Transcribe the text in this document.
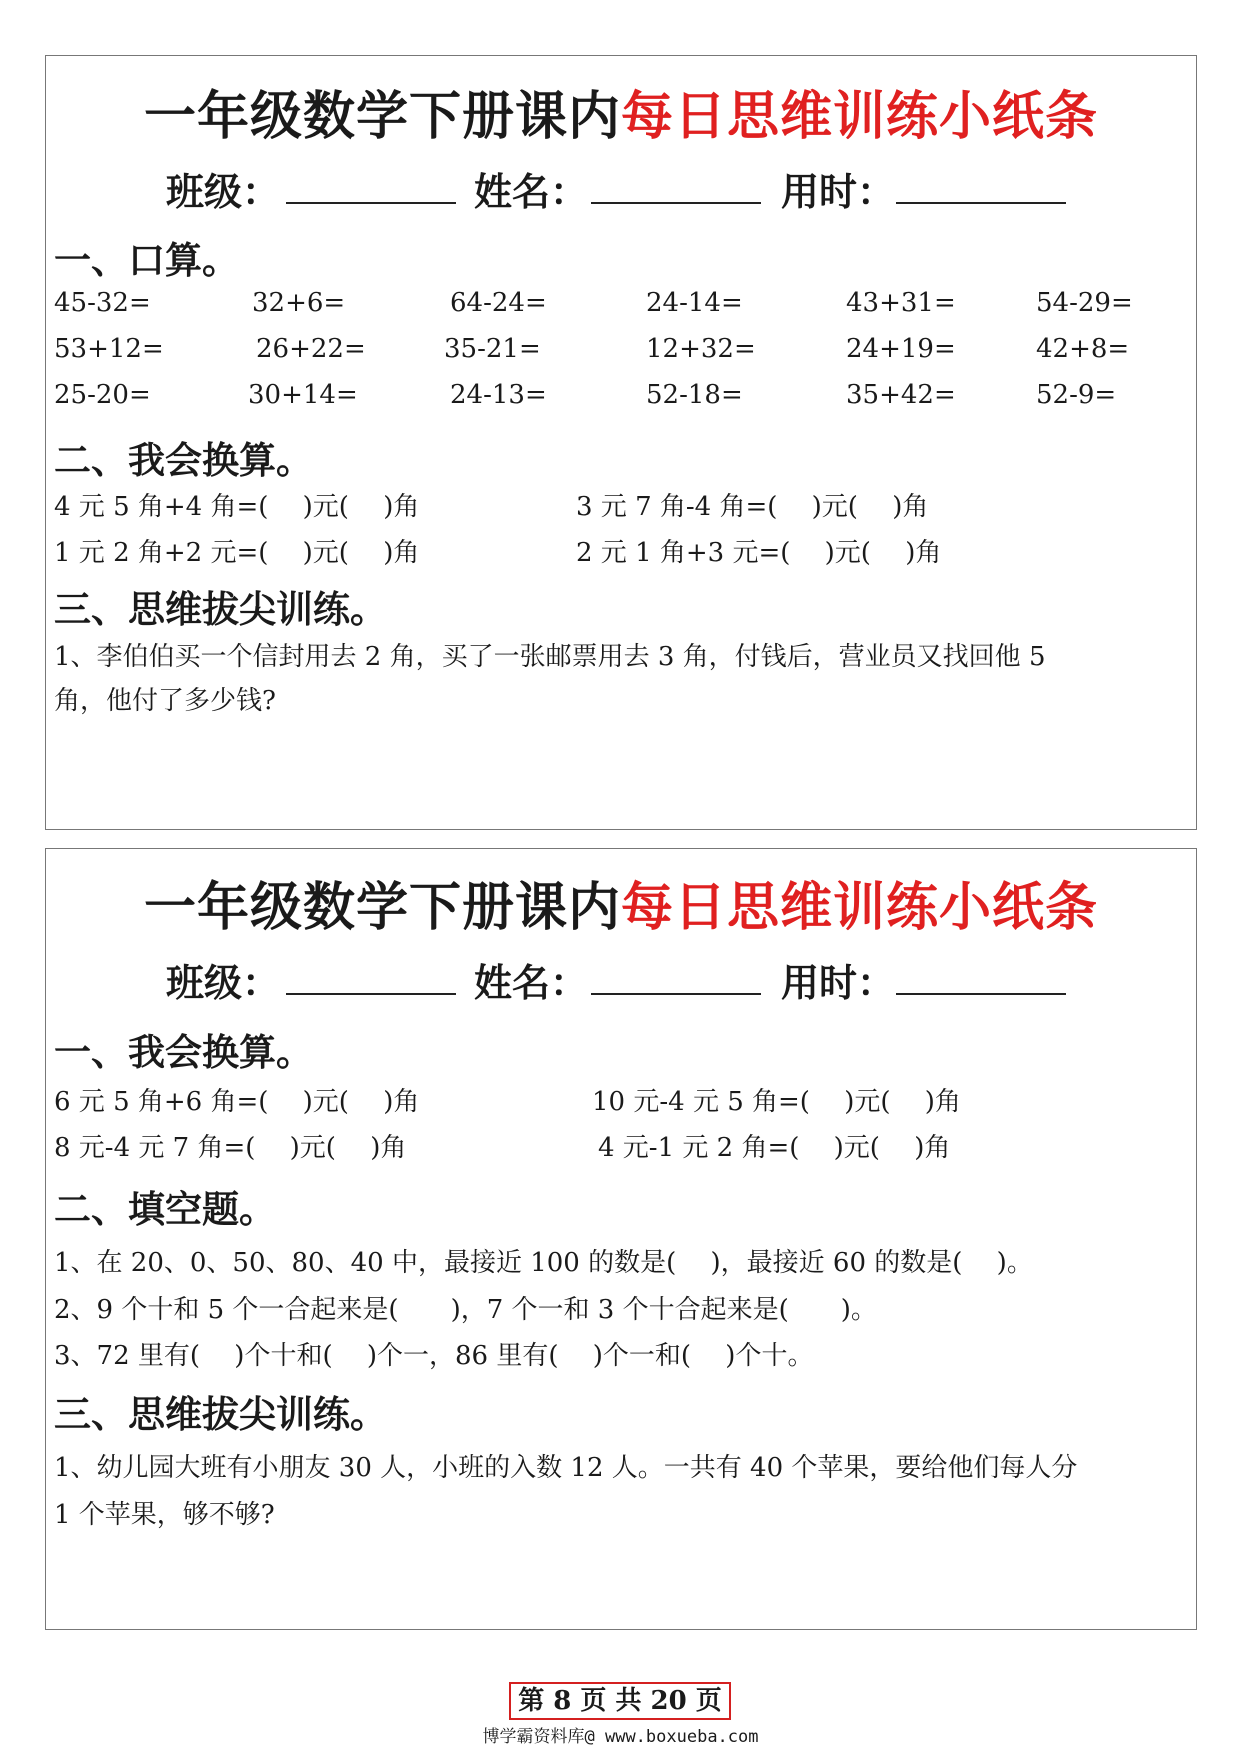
一年级数学下册课内每日思维训练小纸条
班级：	姓名：	用时：
一、口算。
45-32=	32+6=	64-24=	24-14=	43+31=	54-29=
53+12=	26+22=	35-21=	12+32=	24+19=	42+8=
25-20=	30+14=	24-13=	52-18=	35+42=	52-9=
二、我会换算。
4 元 5 角+4 角=(　 )元(　 )角	3 元 7 角-4 角=(　 )元(　 )角
1 元 2 角+2 元=(　 )元(　 )角	2 元 1 角+3 元=(　 )元(　 )角
三、思维拔尖训练。
1、李伯伯买一个信封用去 2 角，买了一张邮票用去 3 角，付钱后，营业员又找回他 5
角，他付了多少钱?
一年级数学下册课内每日思维训练小纸条
班级：	姓名：	用时：
一、我会换算。
6 元 5 角+6 角=(　 )元(　 )角	10 元-4 元 5 角=(　 )元(　 )角
8 元-4 元 7 角=(　 )元(　 )角	4 元-1 元 2 角=(　 )元(　 )角
二、填空题。
1、在 20、0、50、80、40 中，最接近 100 的数是(　 )，最接近 60 的数是(　 )。
2、9 个十和 5 个一合起来是(　　)，7 个一和 3 个十合起来是(　　)。
3、72 里有(　 )个十和(　 )个一，86 里有(　 )个一和(　 )个十。
三、思维拔尖训练。
1、幼儿园大班有小朋友 30 人，小班的入数 12 人。一共有 40 个苹果，要给他们每人分
1 个苹果，够不够?
第 8 页 共 20 页
博学霸资料库@ www.boxueba.com
